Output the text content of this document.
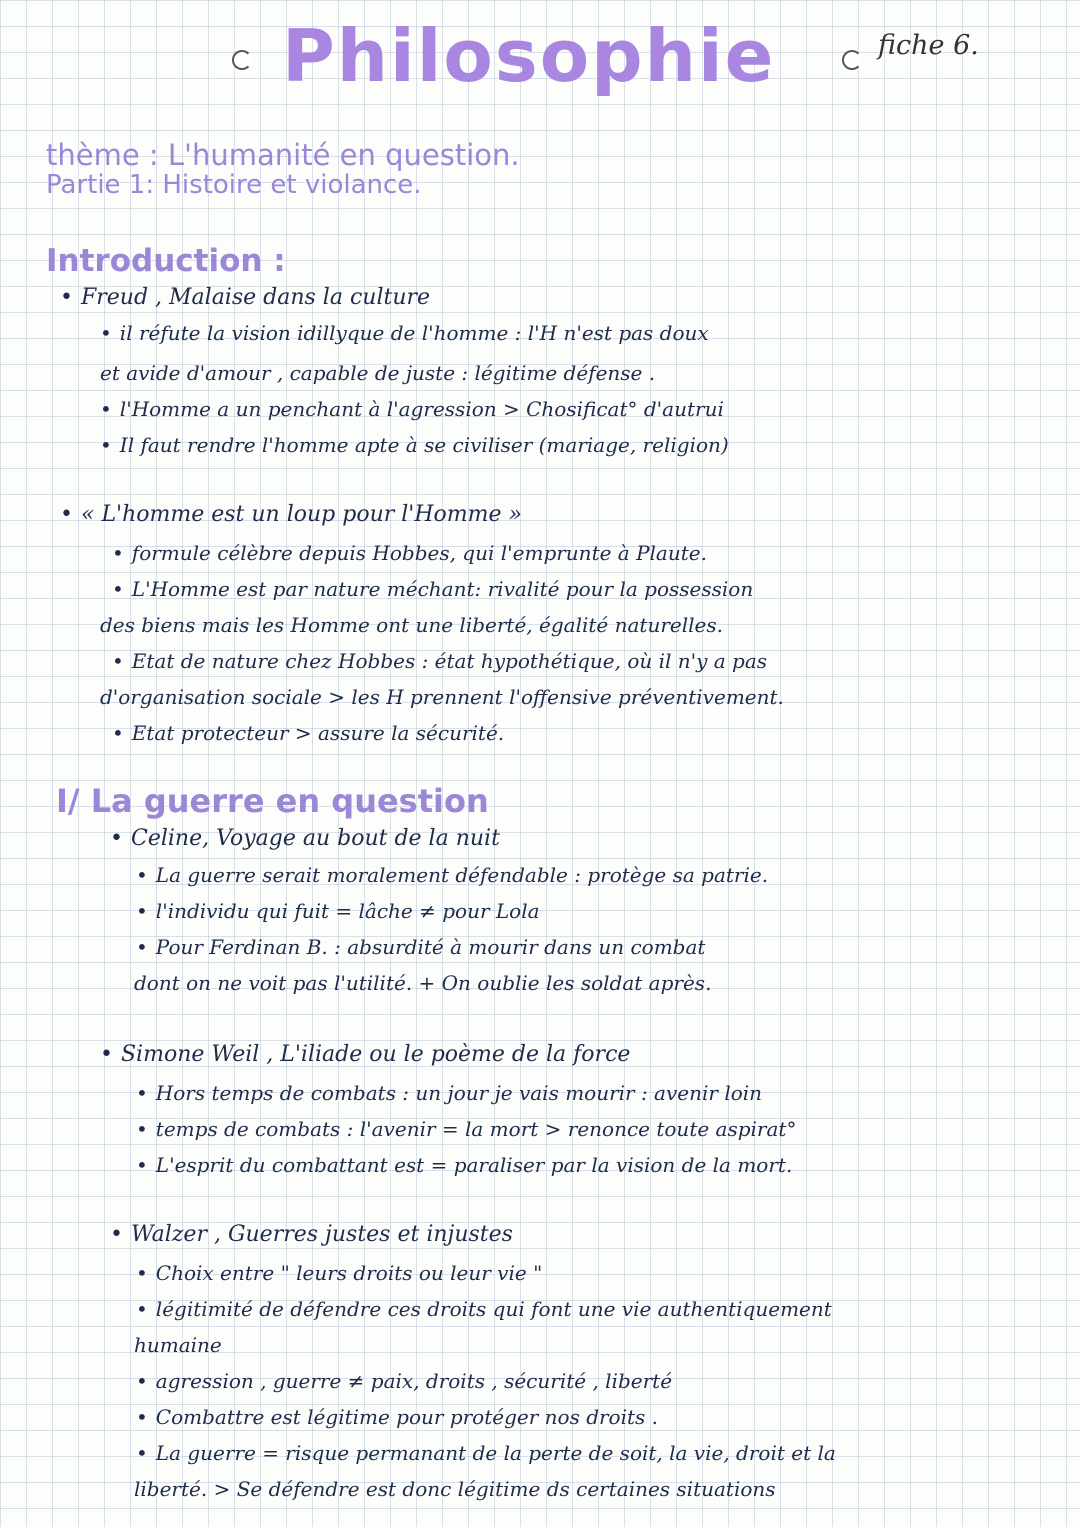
Philosophie	fiche 6.

thème : L'humanité en question.

Partie 1: Histoire et violance.

Introduction :

• Freud , Malaise dans la culture

• il réfute la vision idillyque de l'homme : l'H n'est pas doux

et avide d'amour , capable de juste : légitime défense .

• l'Homme a un penchant à l'agression > Chosificat° d'autrui

• Il faut rendre l'homme apte à se civiliser (mariage, religion)

• « L'homme est un loup pour l'Homme »

• formule célèbre depuis Hobbes, qui l'emprunte à Plaute.

• L'Homme est par nature méchant: rivalité pour la possession

des biens mais les Homme ont une liberté, égalité naturelles.

• Etat de nature chez Hobbes : état hypothétique, où il n'y a pas

d'organisation sociale > les H prennent l'offensive préventivement.

• Etat protecteur > assure la sécurité.

I/ La guerre en question

• Celine, Voyage au bout de la nuit

• La guerre serait moralement défendable : protège sa patrie.

• l'individu qui fuit = lâche ≠ pour Lola

• Pour Ferdinan B. : absurdité à mourir dans un combat

dont on ne voit pas l'utilité. + On oublie les soldat après.

• Simone Weil , L'iliade ou le poème de la force

• Hors temps de combats : un jour je vais mourir : avenir loin

• temps de combats : l'avenir = la mort > renonce toute aspirat°

• L'esprit du combattant est = paraliser par la vision de la mort.

• Walzer , Guerres justes et injustes

• Choix entre " leurs droits ou leur vie "

• légitimité de défendre ces droits qui font une vie authentiquement

humaine

• agression , guerre ≠ paix, droits , sécurité , liberté

• Combattre est légitime pour protéger nos droits .

• La guerre = risque permanant de la perte de soit, la vie, droit et la

liberté. > Se défendre est donc légitime ds certaines situations
